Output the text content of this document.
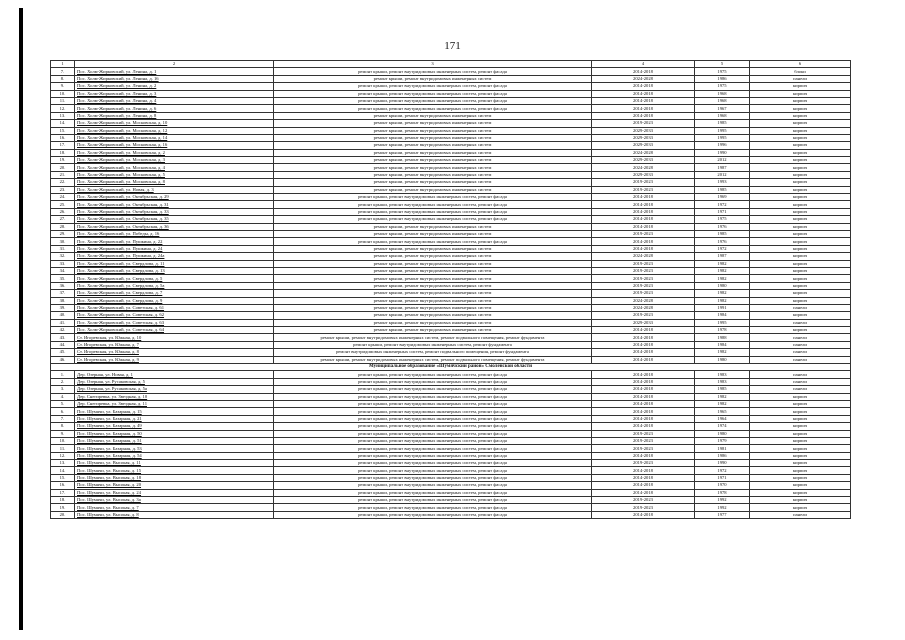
171
1	2	3	4	5	6
7.	Пос. Холм-Жирковский, ул. Ленина, д. 1	ремонт крыши, ремонт внутридомовых инженерных систем, ремонт фасада	2014-2018	1975	блоки
8.	Пос. Холм-Жирковский, ул. Ленина, д. 16	ремонт крыши, ремонт внутридомовых инженерных систем	2024-2028	1986	панели
9.	Пос. Холм-Жирковский, ул. Ленина, д. 2	ремонт крыши, ремонт внутридомовых инженерных систем, ремонт фасада	2014-2018	1975	кирпич
10.	Пос. Холм-Жирковский, ул. Ленина, д. 3	ремонт крыши, ремонт внутридомовых инженерных систем, ремонт фасада	2014-2018	1968	кирпич
11.	Пос. Холм-Жирковский, ул. Ленина, д. 4	ремонт крыши, ремонт внутридомовых инженерных систем, ремонт фасада	2014-2018	1968	кирпич
12.	Пос. Холм-Жирковский, ул. Ленина, д. 6	ремонт крыши, ремонт внутридомовых инженерных систем, ремонт фасада	2014-2018	1967	кирпич
13.	Пос. Холм-Жирковский, ул. Ленина, д. 8	ремонт крыши, ремонт внутридомовых инженерных систем	2014-2018	1968	кирпич
14.	Пос. Холм-Жирковский, ул. Московская, д. 10	ремонт крыши, ремонт внутридомовых инженерных систем	2019-2023	1985	кирпич
15.	Пос. Холм-Жирковский, ул. Московская, д. 12	ремонт крыши, ремонт внутридомовых инженерных систем	2029-2033	1995	кирпич
16.	Пос. Холм-Жирковский, ул. Московская, д. 14	ремонт крыши, ремонт внутридомовых инженерных систем	2029-2033	1995	кирпич
17.	Пос. Холм-Жирковский, ул. Московская, д. 16	ремонт крыши, ремонт внутридомовых инженерных систем	2029-2033	1996	кирпич
18.	Пос. Холм-Жирковский, ул. Московская, д. 2	ремонт крыши, ремонт внутридомовых инженерных систем	2024-2028	1990	кирпич
19.	Пос. Холм-Жирковский, ул. Московская, д. 3	ремонт крыши, ремонт внутридомовых инженерных систем	2029-2033	2012	кирпич
20.	Пос. Холм-Жирковский, ул. Московская, д. 4	ремонт крыши, ремонт внутридомовых инженерных систем	2024-2028	1987	кирпич
21.	Пос. Холм-Жирковский, ул. Московская, д. 5	ремонт крыши, ремонт внутридомовых инженерных систем	2029-2033	2012	кирпич
22.	Пос. Холм-Жирковский, ул. Московская, д. 8	ремонт крыши, ремонт внутридомовых инженерных систем	2019-2023	1993	кирпич
23.	Пос. Холм-Жирковский, ул. Новая, д. 3	ремонт крыши, ремонт внутридомовых инженерных систем	2019-2023	1985	кирпич
24.	Пос. Холм-Жирковский, ул. Октябрьская, д. 29	ремонт крыши, ремонт внутридомовых инженерных систем, ремонт фасада	2014-2018	1969	кирпич
25.	Пос. Холм-Жирковский, ул. Октябрьская, д. 31	ремонт крыши, ремонт внутридомовых инженерных систем, ремонт фасада	2014-2018	1972	кирпич
26.	Пос. Холм-Жирковский, ул. Октябрьская, д. 33	ремонт крыши, ремонт внутридомовых инженерных систем, ремонт фасада	2014-2018	1971	кирпич
27.	Пос. Холм-Жирковский, ул. Октябрьская, д. 35	ремонт крыши, ремонт внутридомовых инженерных систем, ремонт фасада	2014-2018	1975	кирпич
28.	Пос. Холм-Жирковский, ул. Октябрьская, д. 36	ремонт крыши, ремонт внутридомовых инженерных систем	2014-2018	1976	кирпич
29.	Пос. Холм-Жирковский, ул. Победы, д. 16	ремонт крыши, ремонт внутридомовых инженерных систем	2019-2023	1985	кирпич
30.	Пос. Холм-Жирковский, ул. Пушкина, д. 22	ремонт крыши, ремонт внутридомовых инженерных систем, ремонт фасада	2014-2018	1976	кирпич
31.	Пос. Холм-Жирковский, ул. Пушкина, д. 24	ремонт крыши, ремонт внутридомовых инженерных систем	2014-2018	1972	кирпич
32.	Пос. Холм-Жирковский, ул. Пушкина, д. 24а	ремонт крыши, ремонт внутридомовых инженерных систем	2024-2028	1987	кирпич
33.	Пос. Холм-Жирковский, ул. Свердлова, д. 11	ремонт крыши, ремонт внутридомовых инженерных систем	2019-2023	1982	кирпич
34.	Пос. Холм-Жирковский, ул. Свердлова, д. 13	ремонт крыши, ремонт внутридомовых инженерных систем	2019-2023	1982	кирпич
35.	Пос. Холм-Жирковский, ул. Свердлова, д. 5	ремонт крыши, ремонт внутридомовых инженерных систем	2019-2023	1982	кирпич
36.	Пос. Холм-Жирковский, ул. Свердлова, д. 5а	ремонт крыши, ремонт внутридомовых инженерных систем	2019-2023	1980	кирпич
37.	Пос. Холм-Жирковский, ул. Свердлова, д. 7	ремонт крыши, ремонт внутридомовых инженерных систем	2019-2023	1982	кирпич
38.	Пос. Холм-Жирковский, ул. Свердлова, д. 9	ремонт крыши, ремонт внутридомовых инженерных систем	2024-2028	1982	кирпич
39.	Пос. Холм-Жирковский, ул. Советская, д. 61	ремонт крыши, ремонт внутридомовых инженерных систем	2024-2028	1991	панели
40.	Пос. Холм-Жирковский, ул. Советская, д. 62	ремонт крыши, ремонт внутридомовых инженерных систем	2019-2023	1984	кирпич
41.	Пос. Холм-Жирковский, ул. Советская, д. 63	ремонт крыши, ремонт внутридомовых инженерных систем	2029-2033	1995	панели
42.	Пос. Холм-Жирковский, ул. Советская, д. 64	ремонт крыши, ремонт внутридомовых инженерных систем	2014-2018	1978	кирпич
43.	Ст. Игоревская, ул. Южная, д. 10	ремонт крыши, ремонт внутридомовых инженерных систем, ремонт подвального помещения, ремонт фундамента	2014-2018	1988	панели
44.	Ст. Игоревская, ул. Южная, д. 7	ремонт крыши, ремонт внутридомовых инженерных систем, ремонт фундамента	2014-2018	1984	панели
45.	Ст. Игоревская, ул. Южная, д. 8	ремонт внутридомовых инженерных систем, ремонт подвального помещения, ремонт фундамента	2014-2018	1982	панели
46.	Ст. Игоревская, ул. Южная, д. 9	ремонт крыши, ремонт внутридомовых инженерных систем, ремонт подвального помещения, ремонт фундамента	2014-2018	1980	панели
Муниципальное образование «Шумячский район» Смоленской области					
1.	Дер. Озерная, ул. Новая, д. 1	ремонт крыши, ремонт внутридомовых инженерных систем, ремонт фасада	2014-2018	1983	панели
2.	Дер. Озерная, ул. Русаковская, д. 5	ремонт крыши, ремонт внутридомовых инженерных систем, ремонт фасада	2014-2018	1983	панели
3.	Дер. Озерная, ул. Русаковская, д. 5а	ремонт крыши, ремонт внутридомовых инженерных систем, ремонт фасада	2014-2018	1985	панели
4.	Дер. Снегиревка, ул. Звездная, д. 10	ремонт крыши, ремонт внутридомовых инженерных систем, ремонт фасада	2014-2018	1982	кирпич
5.	Дер. Снегиревка, ул. Звездная, д. 11	ремонт крыши, ремонт внутридомовых инженерных систем, ремонт фасада	2014-2018	1982	кирпич
6.	Пос. Шумячи, ул. Базарная, д. 15	ремонт крыши, ремонт внутридомовых инженерных систем, ремонт фасада	2014-2018	1965	кирпич
7.	Пос. Шумячи, ул. Базарная, д. 21	ремонт крыши, ремонт внутридомовых инженерных систем, ремонт фасада	2014-2018	1964	кирпич
8.	Пос. Шумячи, ул. Базарная, д. 49	ремонт крыши, ремонт внутридомовых инженерных систем, ремонт фасада	2014-2018	1974	кирпич
9.	Пос. Шумячи, ул. Базарная, д. 50	ремонт крыши, ремонт внутридомовых инженерных систем, ремонт фасада	2019-2023	1980	кирпич
10.	Пос. Шумячи, ул. Базарная, д. 51	ремонт крыши, ремонт внутридомовых инженерных систем, ремонт фасада	2019-2023	1979	кирпич
11.	Пос. Шумячи, ул. Базарная, д. 53	ремонт крыши, ремонт внутридомовых инженерных систем, ремонт фасада	2019-2023	1981	кирпич
12.	Пос. Шумячи, ул. Базарная, д. 54	ремонт крыши, ремонт внутридомовых инженерных систем, ремонт фасада	2014-2018	1986	кирпич
13.	Пос. Шумячи, ул. Высокая, д. 11	ремонт крыши, ремонт внутридомовых инженерных систем, ремонт фасада	2019-2023	1990	кирпич
14.	Пос. Шумячи, ул. Высокая, д. 15	ремонт крыши, ремонт внутридомовых инженерных систем, ремонт фасада	2014-2018	1972	кирпич
15.	Пос. Шумячи, ул. Высокая, д. 18	ремонт крыши, ремонт внутридомовых инженерных систем, ремонт фасада	2014-2018	1971	кирпич
16.	Пос. Шумячи, ул. Высокая, д. 20	ремонт крыши, ремонт внутридомовых инженерных систем, ремонт фасада	2014-2018	1970	кирпич
17.	Пос. Шумячи, ул. Высокая, д. 24	ремонт крыши, ремонт внутридомовых инженерных систем, ремонт фасада	2014-2018	1978	кирпич
18.	Пос. Шумячи, ул. Высокая, д. 3а	ремонт крыши, ремонт внутридомовых инженерных систем, ремонт фасада	2019-2023	1992	кирпич
19.	Пос. Шумячи, ул. Высокая, д. 7	ремонт крыши, ремонт внутридомовых инженерных систем, ремонт фасада	2019-2023	1992	кирпич
20.	Пос. Шумячи, ул. Высокая, д. 8	ремонт крыши, ремонт внутридомовых инженерных систем, ремонт фасада	2014-2018	1977	панели
